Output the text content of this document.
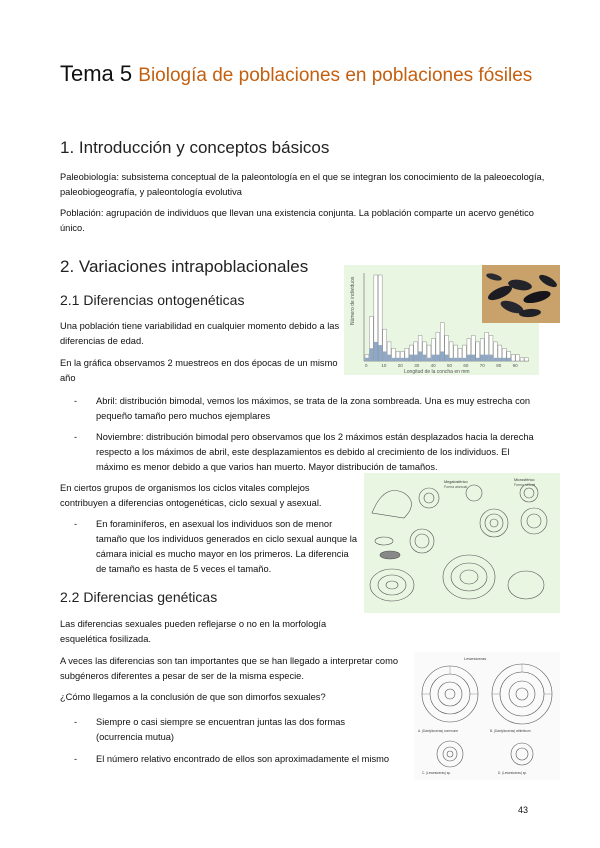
Tema 5 Biología de poblaciones en poblaciones fósiles
1. Introducción y conceptos básicos
Paleobiología: subsistema conceptual de la paleontología en el que se integran los conocimiento de la paleoecología, paleobiogeografía, y paleontología evolutiva
Población: agrupación de individuos que llevan una existencia conjunta. La población comparte un acervo genético único.
2. Variaciones intrapoblacionales
2.1 Diferencias ontogenéticas
Una población tiene variabilidad en cualquier momento debido a las diferencias de edad.
En la gráfica observamos 2 muestreos en dos épocas de un mismo año
Número de individuos
Longitud de la concha en mm
0	10	20	30	40	50	60	70	80	90
- Abril: distribución bimodal, vemos los máximos, se trata de la zona sombreada. Una es muy estrecha con pequeño tamaño pero muchos ejemplares
- Noviembre: distribución bimodal pero observamos que los 2 máximos están desplazados hacia la derecha respecto a los máximos de abril, este desplazamientos es debido al crecimiento de los individuos. El máximo es menor debido a que varios han muerto. Mayor distribución de tamaños.
En ciertos grupos de organismos los ciclos vitales complejos contribuyen a diferencias ontogenéticas, ciclo sexual y asexual.
Megalosférico
Forma asexual
Microsférico
Forma sexual
- En foraminíferos, en asexual los individuos son de menor tamaño que los individuos generados en ciclo sexual aunque la cámara inicial es mucho mayor en los primeros. La diferencia de tamaño es hasta de 5 veces el tamaño.
2.2 Diferencias genéticas
Las diferencias sexuales pueden reflejarse o no en la morfología esquelética fosilizada.
A veces las diferencias son tan importantes que se han llegado a interpretar como subgéneros diferentes a pesar de ser de la misma especie.
¿Cómo llegamos a la conclusión de que son dimorfos sexuales?
Lewesiceras
A. (Dactylioceras) commune	B. (Dactylioceras) athleticum
C. (Lewesiceras) sp.	D. (Lewesiceras) sp.
- Siempre o casi siempre se encuentran juntas las dos formas (ocurrencia mutua)
- El número relativo encontrado de ellos son aproximadamente el mismo
43
